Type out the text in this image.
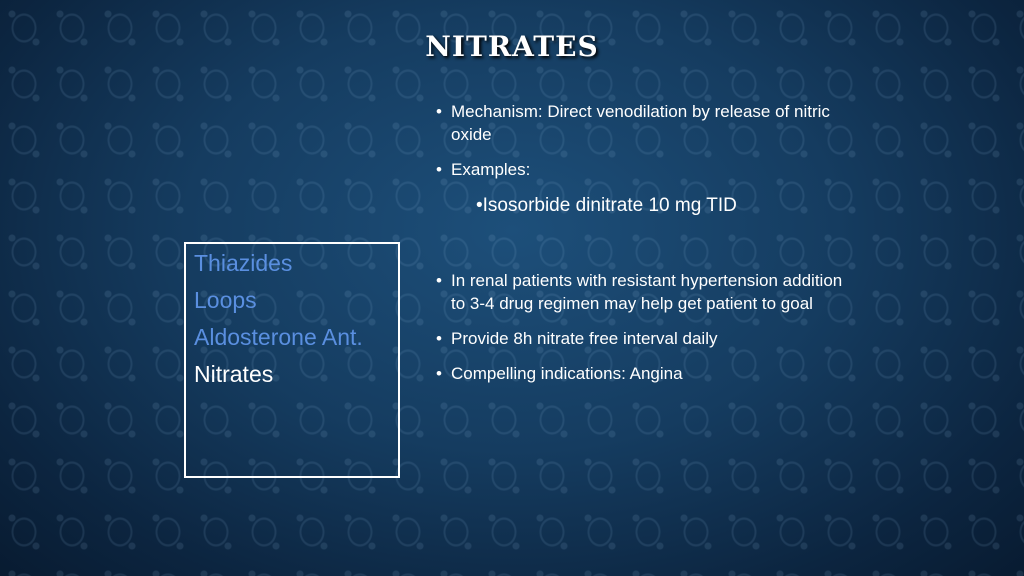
NITRATES
• Mechanism: Direct venodilation by release of nitric oxide
• Examples:
•Isosorbide dinitrate 10 mg TID
• In renal patients with resistant hypertension addition to 3-4 drug regimen may help get patient to goal
• Provide 8h nitrate free interval daily
• Compelling indications: Angina
Thiazides
Loops
Aldosterone Ant.
Nitrates
